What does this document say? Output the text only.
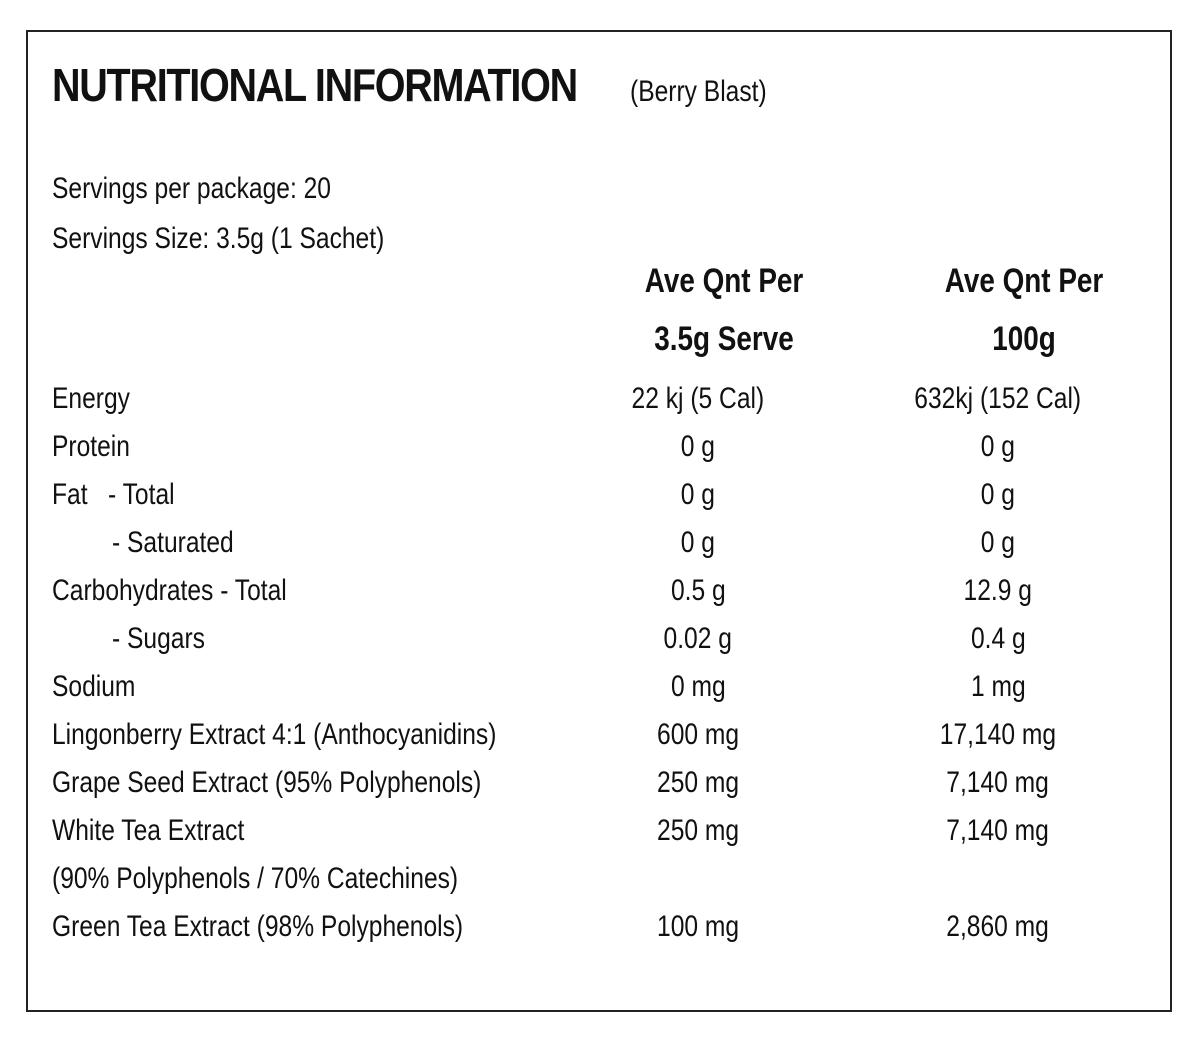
NUTRITIONAL INFORMATION (Berry Blast)
Servings per package: 20
Servings Size: 3.5g (1 Sachet)
Ave Qnt Per
3.5g Serve
Ave Qnt Per
100g
Energy	22 kj (5 Cal)	632kj (152 Cal)
Protein	0 g	0 g
Fat   - Total	0 g	0 g
- Saturated	0 g	0 g
Carbohydrates - Total	0.5 g	12.9 g
- Sugars	0.02 g	0.4 g
Sodium	0 mg	1 mg
Lingonberry Extract 4:1 (Anthocyanidins)	600 mg	17,140 mg
Grape Seed Extract (95% Polyphenols)	250 mg	7,140 mg
White Tea Extract	250 mg	7,140 mg
(90% Polyphenols / 70% Catechines)
Green Tea Extract (98% Polyphenols)	100 mg	2,860 mg
